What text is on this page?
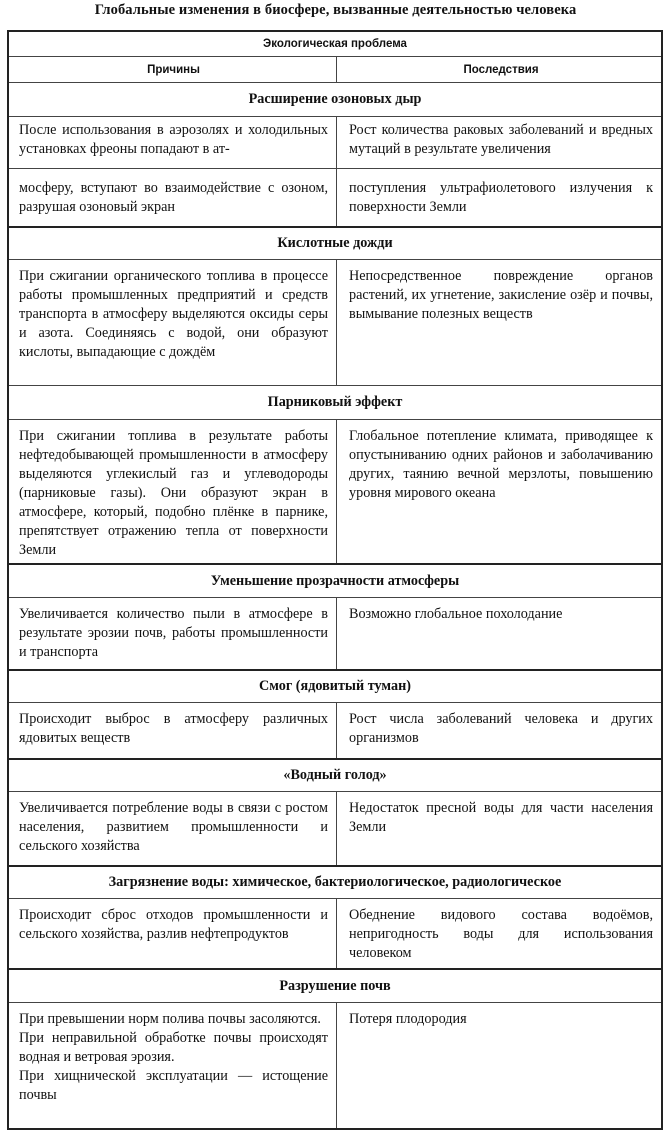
Глобальные изменения в биосфере, вызванные деятельностью человека
Экологическая проблема
Причины	Последствия
Расширение озоновых дыр

После использования в аэрозолях и холодильных установках фреоны попадают в ат-

Рост количества раковых заболеваний и вредных мутаций в результате увеличения

мосферу, вступают во взаимодействие с озоном, разрушая озоновый экран

поступления ультрафиолетового излучения к поверхности Земли
Кислотные дожди

При сжигании органического топлива в процессе работы промышленных предприятий и средств транспорта в атмосферу выделяются оксиды серы и азота. Соединяясь с водой, они образуют кислоты, выпадающие с дождём

Непосредственное повреждение органов растений, их угнетение, закисление озёр и почвы, вымывание полезных веществ
Парниковый эффект

При сжигании топлива в результате работы нефтедобывающей промышленности в атмосферу выделяются углекислый газ и углеводороды (парниковые газы). Они образуют экран в атмосфере, который, подобно плёнке в парнике, препятствует отражению тепла от поверхности Земли

Глобальное потепление климата, приводящее к опустыниванию одних районов и заболачиванию других, таянию вечной мерзлоты, повышению уровня мирового океана
Уменьшение прозрачности атмосферы

Увеличивается количество пыли в атмосфере в результате эрозии почв, работы промышленности и транспорта

Возможно глобальное похолодание
Смог (ядовитый туман)

Происходит выброс в атмосферу различных ядовитых веществ

Рост числа заболеваний человека и других организмов
«Водный голод»

Увеличивается потребление воды в связи с ростом населения, развитием промышленности и сельского хозяйства

Недостаток пресной воды для части населения Земли
Загрязнение воды: химическое, бактериологическое, радиологическое

Происходит сброс отходов промышленности и сельского хозяйства, разлив нефтепродуктов

Обеднение видового состава водоёмов, непригодность воды для использования человеком
Разрушение почв

При превышении норм полива почвы засоляются.

При неправильной обработке почвы происходят водная и ветровая эрозия.

При хищнической эксплуатации — истощение почвы

Потеря плодородия
